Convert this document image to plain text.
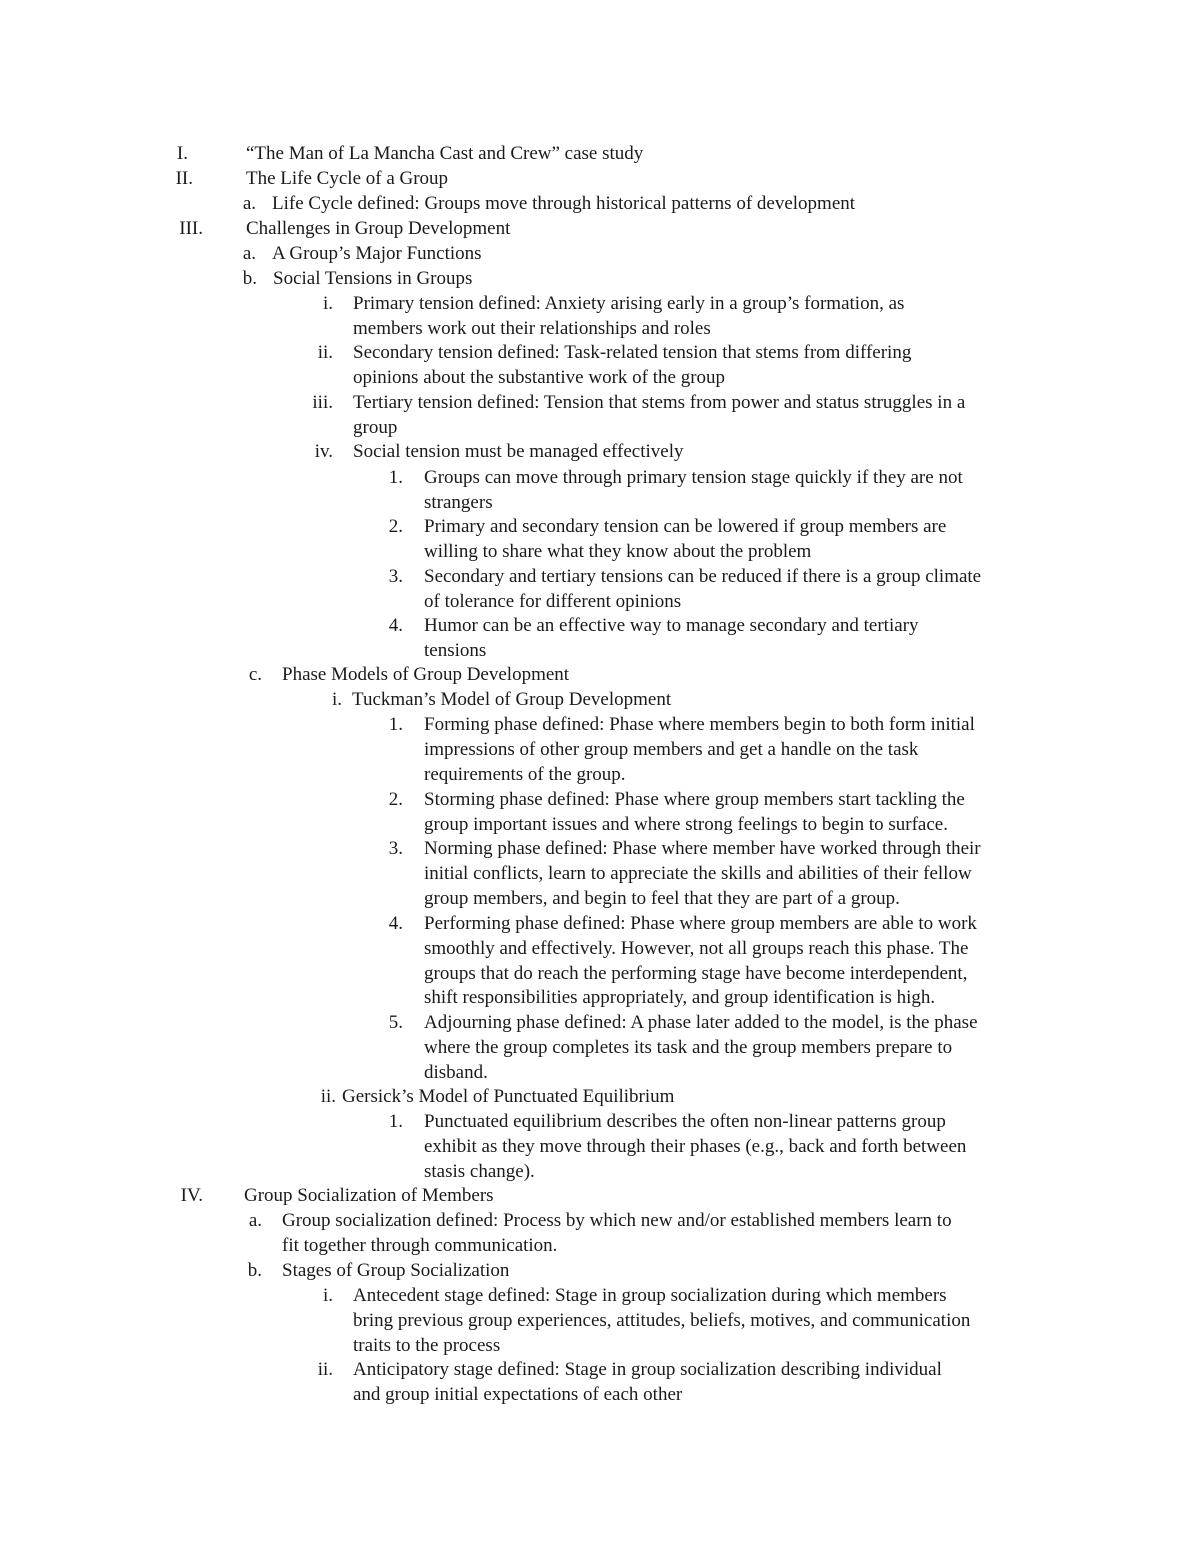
I.	“The Man of La Mancha Cast and Crew” case study
II.	The Life Cycle of a Group
a. Life Cycle defined: Groups move through historical patterns of development
III. Challenges in Group Development
a. A Group’s Major Functions
b. Social Tensions in Groups
i. Primary tension defined: Anxiety arising early in a group’s formation, as
members work out their relationships and roles
ii. Secondary tension defined: Task-related tension that stems from differing
opinions about the substantive work of the group
iii. Tertiary tension defined: Tension that stems from power and status struggles in a
group
iv. Social tension must be managed effectively
1. Groups can move through primary tension stage quickly if they are not
strangers
2. Primary and secondary tension can be lowered if group members are
willing to share what they know about the problem
3. Secondary and tertiary tensions can be reduced if there is a group climate
of tolerance for different opinions
4. Humor can be an effective way to manage secondary and tertiary
tensions
c. Phase Models of Group Development
i. Tuckman’s Model of Group Development
1. Forming phase defined: Phase where members begin to both form initial
impressions of other group members and get a handle on the task
requirements of the group.
2. Storming phase defined: Phase where group members start tackling the
group important issues and where strong feelings to begin to surface.
3. Norming phase defined: Phase where member have worked through their
initial conflicts, learn to appreciate the skills and abilities of their fellow
group members, and begin to feel that they are part of a group.
4. Performing phase defined: Phase where group members are able to work
smoothly and effectively. However, not all groups reach this phase. The
groups that do reach the performing stage have become interdependent,
shift responsibilities appropriately, and group identification is high.
5. Adjourning phase defined: A phase later added to the model, is the phase
where the group completes its task and the group members prepare to
disband.
ii. Gersick’s Model of Punctuated Equilibrium
1. Punctuated equilibrium describes the often non-linear patterns group
exhibit as they move through their phases (e.g., back and forth between
stasis change).
IV. Group Socialization of Members
a. Group socialization defined: Process by which new and/or established members learn to
fit together through communication.
b. Stages of Group Socialization
i. Antecedent stage defined: Stage in group socialization during which members
bring previous group experiences, attitudes, beliefs, motives, and communication
traits to the process
ii. Anticipatory stage defined: Stage in group socialization describing individual
and group initial expectations of each other
